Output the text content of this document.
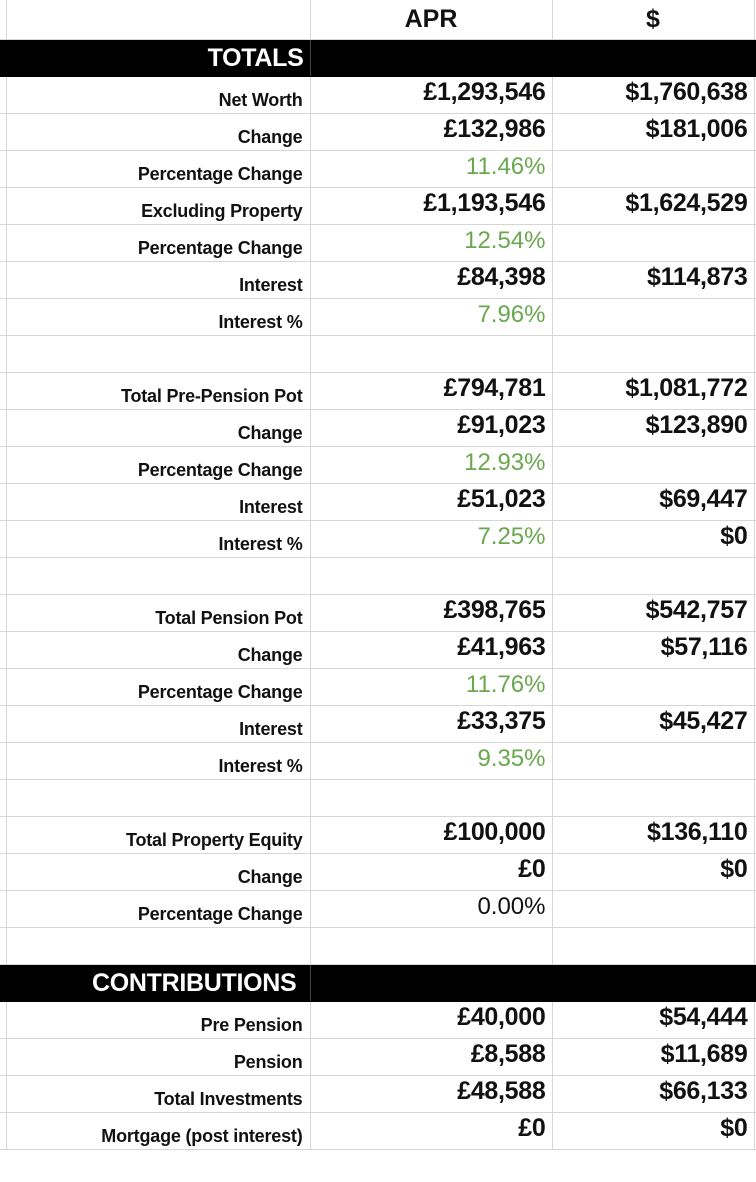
		APR	$	
	TOTALS			
	Net Worth	£1,293,546	$1,760,638	
	Change	£132,986	$181,006	
	Percentage Change	11.46%		
	Excluding Property	£1,193,546	$1,624,529	
	Percentage Change	12.54%		
	Interest	£84,398	$114,873	
	Interest %	7.96%		

	Total Pre-Pension Pot	£794,781	$1,081,772	
	Change	£91,023	$123,890	
	Percentage Change	12.93%		
	Interest	£51,023	$69,447	
	Interest %	7.25%	$0	

	Total Pension Pot	£398,765	$542,757	
	Change	£41,963	$57,116	
	Percentage Change	11.76%		
	Interest	£33,375	$45,427	
	Interest %	9.35%		

	Total Property Equity	£100,000	$136,110	
	Change	£0	$0	
	Percentage Change	0.00%		

	CONTRIBUTIONS			
	Pre Pension	£40,000	$54,444	
	Pension	£8,588	$11,689	
	Total Investments	£48,588	$66,133	
	Mortgage (post interest)	£0	$0	
